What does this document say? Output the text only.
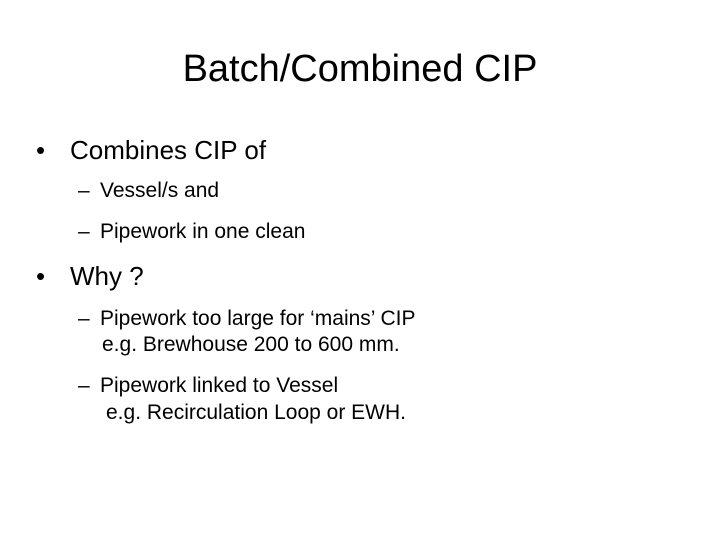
Batch/Combined CIP
• Combines CIP of
– Vessel/s and
– Pipework in one clean
• Why ?
– Pipework too large for ‘mains’ CIP
e.g. Brewhouse 200 to 600 mm.
– Pipework linked to Vessel
e.g. Recirculation Loop or EWH.
